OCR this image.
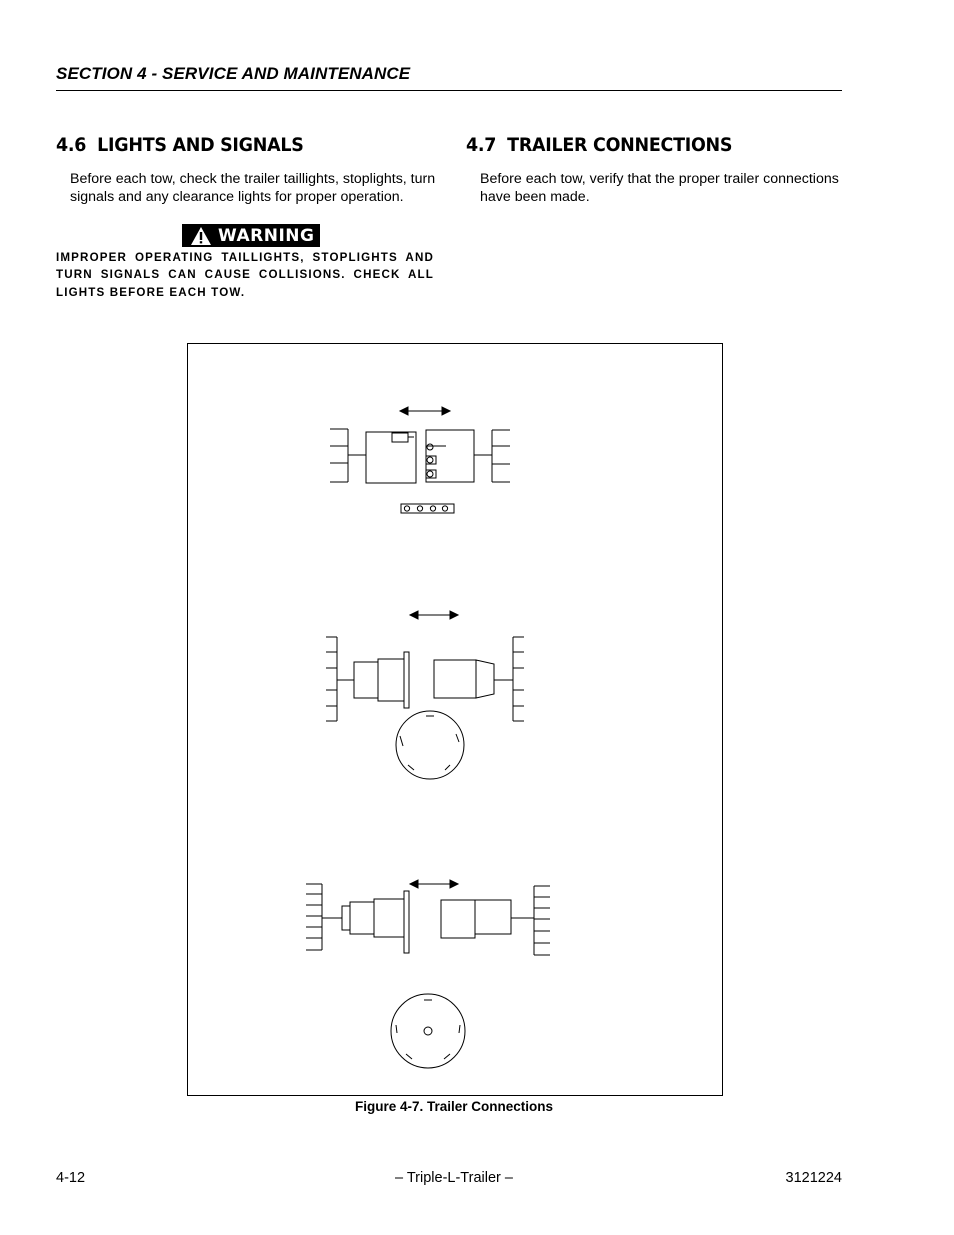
SECTION 4 - SERVICE AND MAINTENANCE
4.6 LIGHTS AND SIGNALS
Before each tow, check the trailer taillights, stoplights, turn
signals and any clearance lights for proper operation.
WARNING
IMPROPER OPERATING TAILLIGHTS, STOPLIGHTS AND TURN SIGNALS CAN CAUSE COLLISIONS. CHECK ALL LIGHTS BEFORE EACH TOW.
4.7 TRAILER CONNECTIONS
Before each tow, verify that the proper trailer connections
have been made.
Figure 4-7. Trailer Connections
4-12	– Triple-L-Trailer –	3121224
